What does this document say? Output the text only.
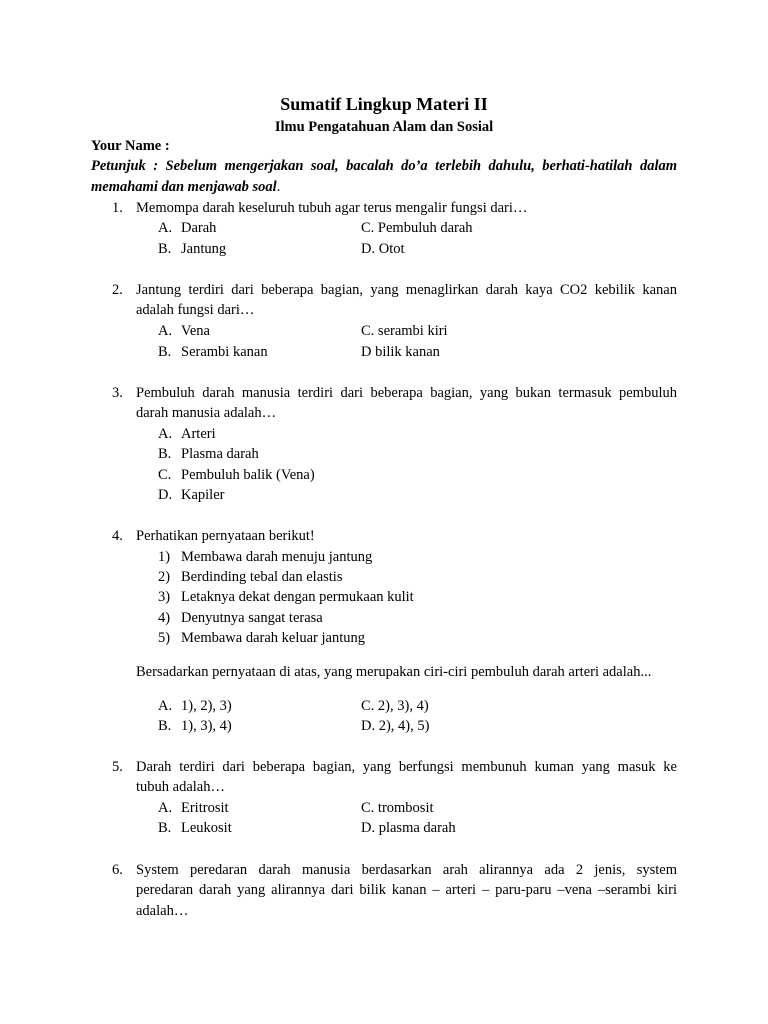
Sumatif Lingkup Materi II
Ilmu Pengatahuan Alam dan Sosial
Your Name :
Petunjuk : Sebelum mengerjakan soal, bacalah do’a terlebih dahulu, berhati-hatilah dalam
memahami dan menjawab soal.
1. Memompa darah keseluruh tubuh agar terus mengalir fungsi dari…
A. Darah	C. Pembuluh darah
B. Jantung	D. Otot
2. Jantung terdiri dari beberapa bagian, yang menaglirkan darah kaya CO2 kebilik kanan
adalah fungsi dari…
A. Vena	C. serambi kiri
B. Serambi kanan	D bilik kanan
3. Pembuluh darah manusia terdiri dari beberapa bagian, yang bukan termasuk pembuluh
darah manusia adalah…
A. Arteri
B. Plasma darah
C. Pembuluh balik (Vena)
D. Kapiler
4. Perhatikan pernyataan berikut!
1) Membawa darah menuju jantung
2) Berdinding tebal dan elastis
3) Letaknya dekat dengan permukaan kulit
4) Denyutnya sangat terasa
5) Membawa darah keluar jantung
Bersadarkan pernyataan di atas, yang merupakan ciri-ciri pembuluh darah arteri adalah...
A. 1), 2), 3)	C. 2), 3), 4)
B. 1), 3), 4)	D. 2), 4), 5)
5. Darah terdiri dari beberapa bagian, yang berfungsi membunuh kuman yang masuk ke
tubuh adalah…
A. Eritrosit	C. trombosit
B. Leukosit	D. plasma darah
6. System peredaran darah manusia berdasarkan arah alirannya ada 2 jenis, system
peredaran darah yang alirannya dari bilik kanan – arteri – paru-paru –vena –serambi kiri
adalah…
